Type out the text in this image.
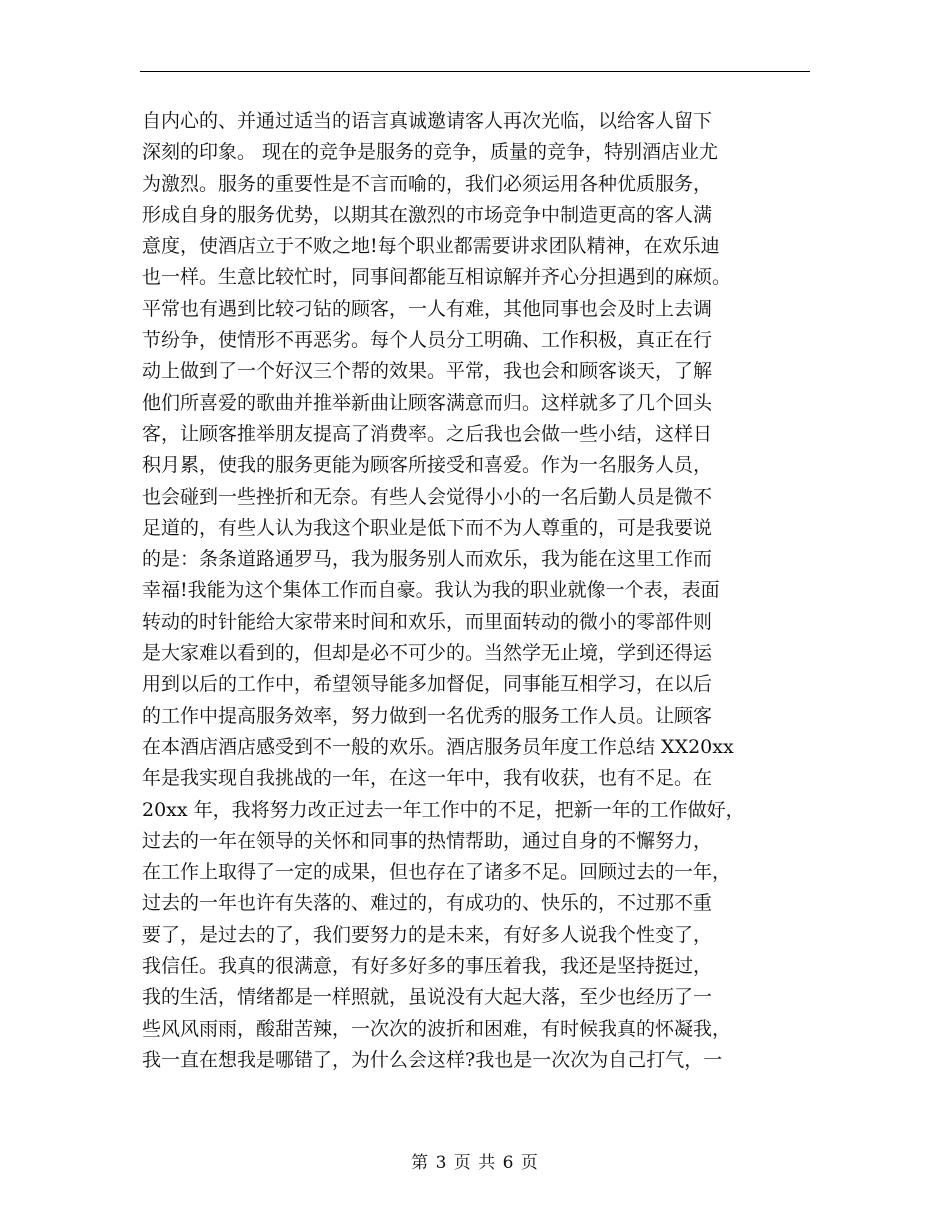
自内心的、并通过适当的语言真诚邀请客人再次光临，以给客人留下
深刻的印象。 现在的竞争是服务的竞争，质量的竞争，特别酒店业尤
为激烈。服务的重要性是不言而喻的，我们必须运用各种优质服务，
形成自身的服务优势，以期其在激烈的市场竞争中制造更高的客人满
意度，使酒店立于不败之地!每个职业都需要讲求团队精神，在欢乐迪
也一样。生意比较忙时，同事间都能互相谅解并齐心分担遇到的麻烦。
平常也有遇到比较刁钻的顾客，一人有难，其他同事也会及时上去调
节纷争，使情形不再恶劣。每个人员分工明确、工作积极，真正在行
动上做到了一个好汉三个帮的效果。平常，我也会和顾客谈天，了解
他们所喜爱的歌曲并推举新曲让顾客满意而归。这样就多了几个回头
客，让顾客推举朋友提高了消费率。之后我也会做一些小结，这样日
积月累，使我的服务更能为顾客所接受和喜爱。作为一名服务人员，
也会碰到一些挫折和无奈。有些人会觉得小小的一名后勤人员是微不
足道的，有些人认为我这个职业是低下而不为人尊重的，可是我要说
的是：条条道路通罗马，我为服务别人而欢乐，我为能在这里工作而
幸福!我能为这个集体工作而自豪。我认为我的职业就像一个表，表面
转动的时针能给大家带来时间和欢乐，而里面转动的微小的零部件则
是大家难以看到的，但却是必不可少的。当然学无止境，学到还得运
用到以后的工作中，希望领导能多加督促，同事能互相学习，在以后
的工作中提高服务效率，努力做到一名优秀的服务工作人员。让顾客
在本酒店酒店感受到不一般的欢乐。酒店服务员年度工作总结 XX20xx
年是我实现自我挑战的一年，在这一年中，我有收获，也有不足。在
20xx 年，我将努力改正过去一年工作中的不足，把新一年的工作做好，
过去的一年在领导的关怀和同事的热情帮助，通过自身的不懈努力，
在工作上取得了一定的成果，但也存在了诸多不足。回顾过去的一年，
过去的一年也许有失落的、难过的，有成功的、快乐的，不过那不重
要了，是过去的了，我们要努力的是未来，有好多人说我个性变了，
我信任。我真的很满意，有好多好多的事压着我，我还是坚持挺过，
我的生活，情绪都是一样照就，虽说没有大起大落，至少也经历了一
些风风雨雨，酸甜苦辣，一次次的波折和困难，有时候我真的怀凝我，
我一直在想我是哪错了，为什么会这样?我也是一次次为自己打气，一
第 3 页 共 6 页
